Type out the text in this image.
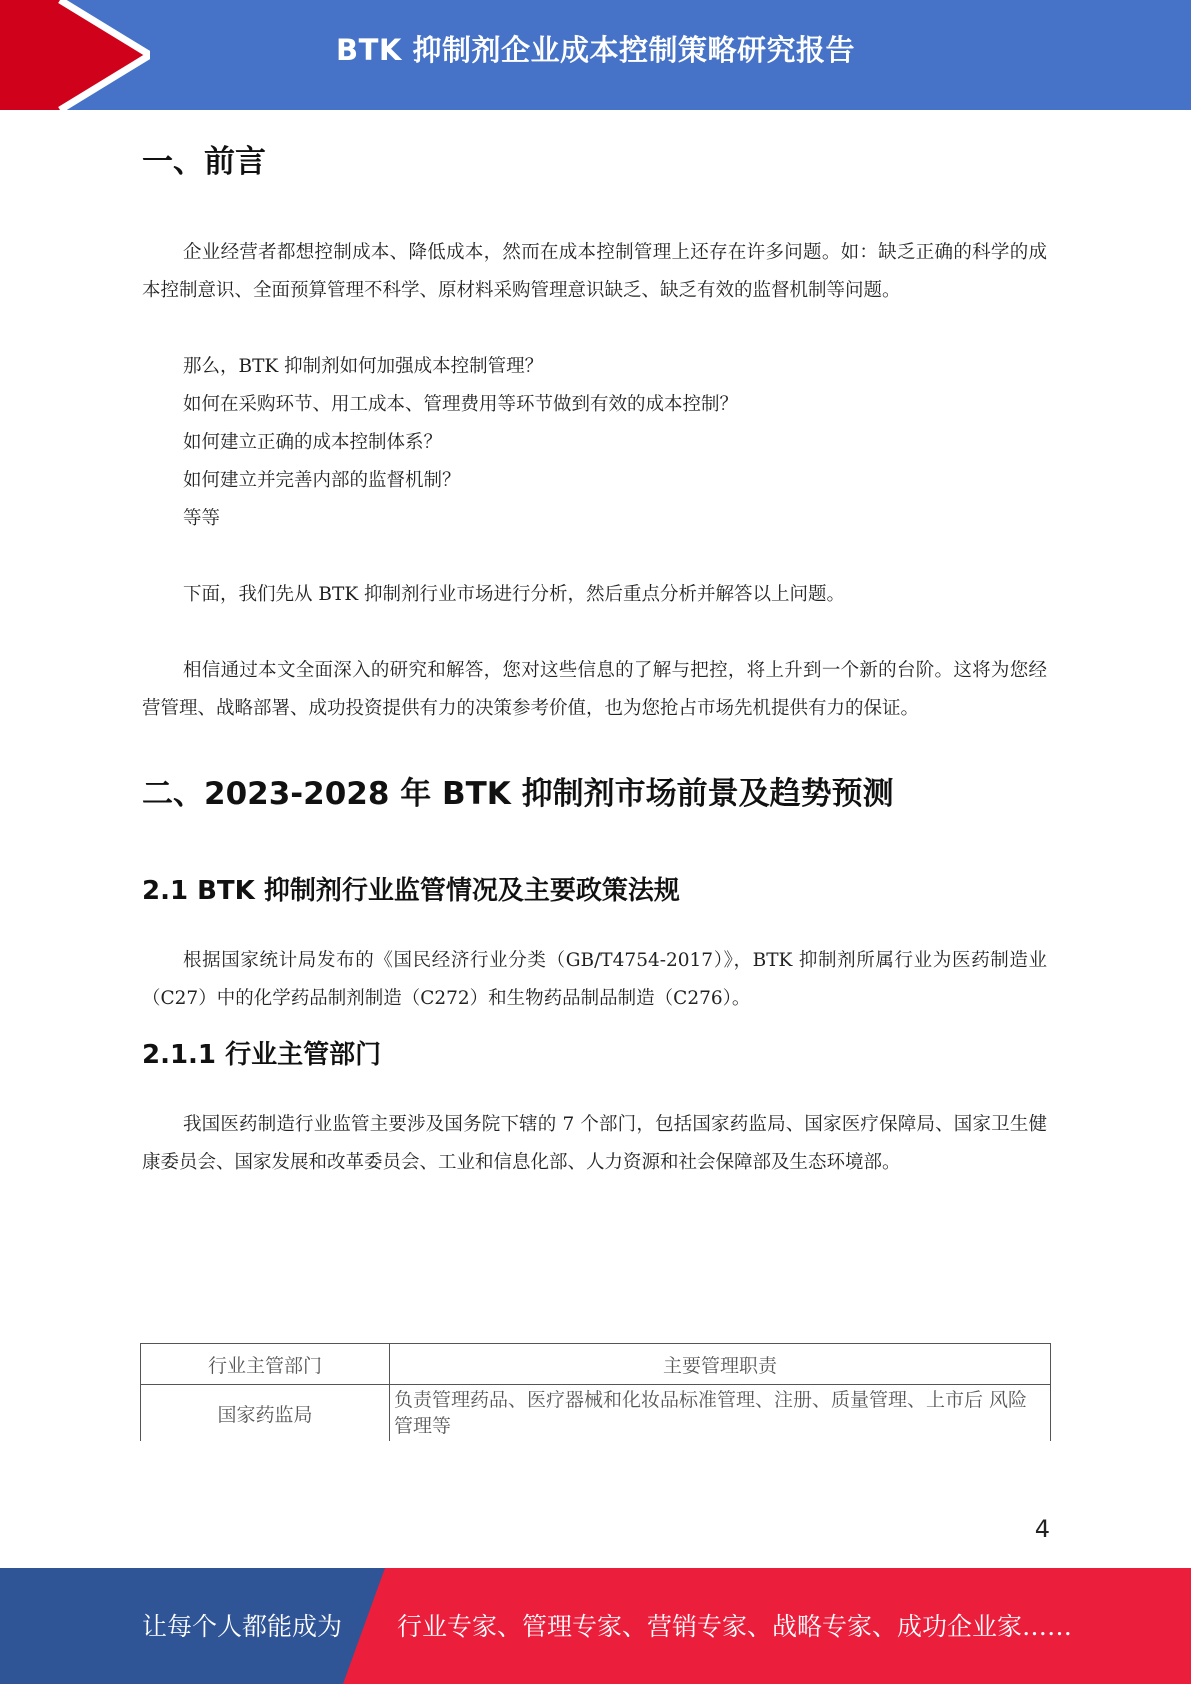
BTK 抑制剂企业成本控制策略研究报告
一、前言

企业经营者都想控制成本、降低成本，然而在成本控制管理上还存在许多问题。如：缺乏正确的科学的成本控制意识、全面预算管理不科学、原材料采购管理意识缺乏、缺乏有效的监督机制等问题。

那么，BTK 抑制剂如何加强成本控制管理？
如何在采购环节、用工成本、管理费用等环节做到有效的成本控制？
如何建立正确的成本控制体系？
如何建立并完善内部的监督机制？
等等

下面，我们先从 BTK 抑制剂行业市场进行分析，然后重点分析并解答以上问题。

相信通过本文全面深入的研究和解答，您对这些信息的了解与把控，将上升到一个新的台阶。这将为您经营管理、战略部署、成功投资提供有力的决策参考价值，也为您抢占市场先机提供有力的保证。

二、2023-2028 年 BTK 抑制剂市场前景及趋势预测
2.1 BTK 抑制剂行业监管情况及主要政策法规

根据国家统计局发布的《国民经济行业分类（GB/T4754-2017）》，BTK 抑制剂所属行业为医药制造业（C27）中的化学药品制剂制造（C272）和生物药品制品制造（C276）。

2.1.1 行业主管部门

我国医药制造行业监管主要涉及国务院下辖的 7 个部门，包括国家药监局、国家医疗保障局、国家卫生健康委员会、国家发展和改革委员会、工业和信息化部、人力资源和社会保障部及生态环境部。

行业主管部门	主要管理职责
国家药监局	负责管理药品、医疗器械和化妆品标准管理、注册、质量管理、上市后 风险管理等
4
让每个人都能成为 行业专家、管理专家、营销专家、战略专家、成功企业家……
